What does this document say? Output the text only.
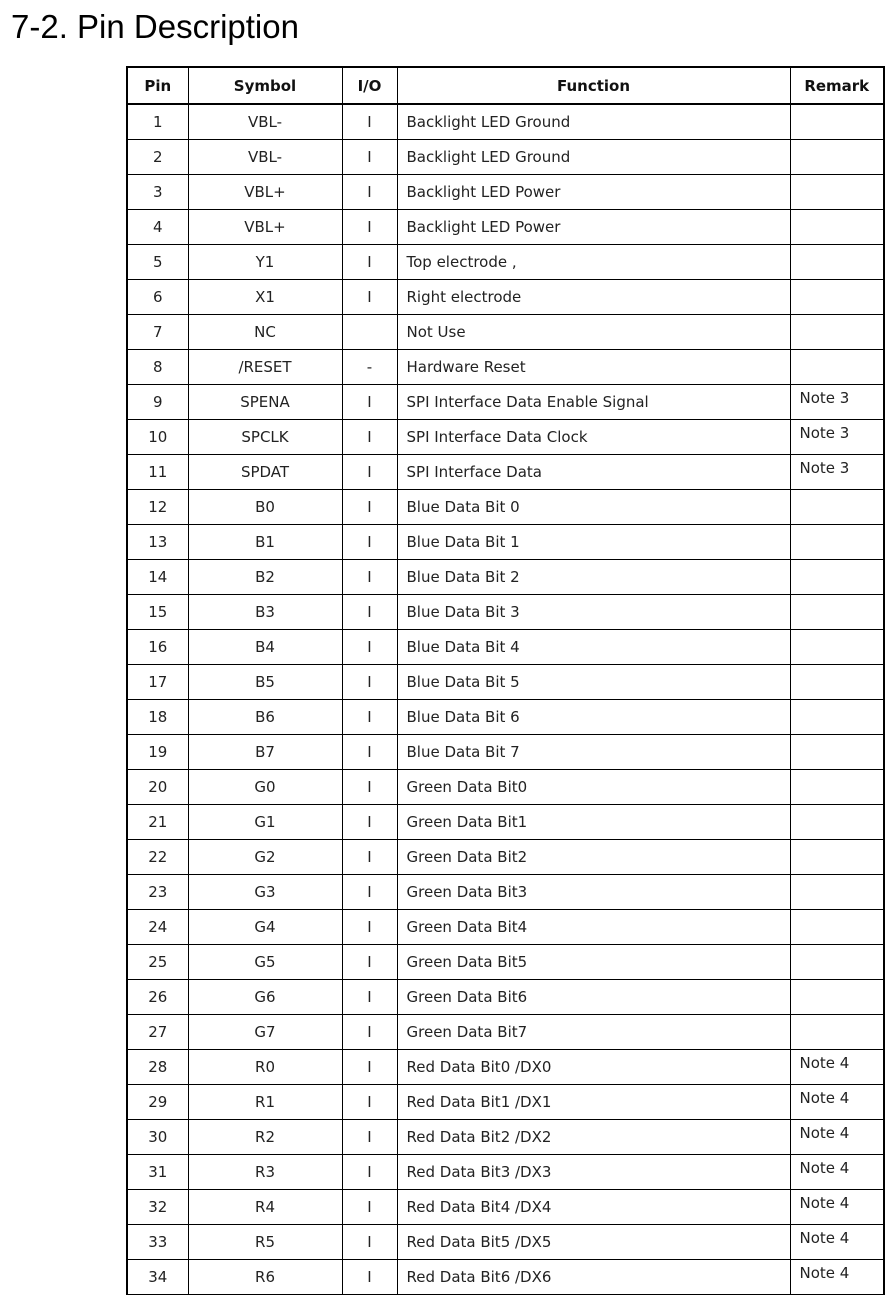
7-2. Pin Description
Pin	Symbol	I/O	Function	Remark
1	VBL-	I	Backlight LED Ground	
2	VBL-	I	Backlight LED Ground	
3	VBL+	I	Backlight LED Power	
4	VBL+	I	Backlight LED Power	
5	Y1	I	Top electrode ,	
6	X1	I	Right electrode	
7	NC		Not Use	
8	/RESET	-	Hardware Reset	
9	SPENA	I	SPI Interface Data Enable Signal	Note 3
10	SPCLK	I	SPI Interface Data Clock	Note 3
11	SPDAT	I	SPI Interface Data	Note 3
12	B0	I	Blue Data Bit 0	
13	B1	I	Blue Data Bit 1	
14	B2	I	Blue Data Bit 2	
15	B3	I	Blue Data Bit 3	
16	B4	I	Blue Data Bit 4	
17	B5	I	Blue Data Bit 5	
18	B6	I	Blue Data Bit 6	
19	B7	I	Blue Data Bit 7	
20	G0	I	Green Data Bit0	
21	G1	I	Green Data Bit1	
22	G2	I	Green Data Bit2	
23	G3	I	Green Data Bit3	
24	G4	I	Green Data Bit4	
25	G5	I	Green Data Bit5	
26	G6	I	Green Data Bit6	
27	G7	I	Green Data Bit7	
28	R0	I	Red Data Bit0 /DX0	Note 4
29	R1	I	Red Data Bit1 /DX1	Note 4
30	R2	I	Red Data Bit2 /DX2	Note 4
31	R3	I	Red Data Bit3 /DX3	Note 4
32	R4	I	Red Data Bit4 /DX4	Note 4
33	R5	I	Red Data Bit5 /DX5	Note 4
34	R6	I	Red Data Bit6 /DX6	Note 4
